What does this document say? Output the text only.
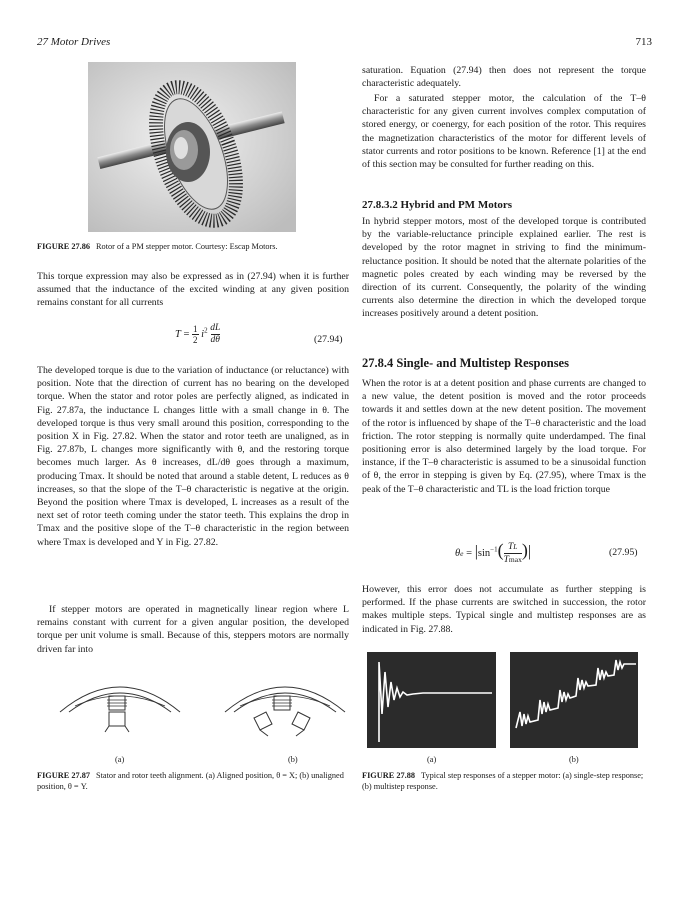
27 Motor Drives	713
FIGURE 27.86 Rotor of a PM stepper motor. Courtesy: Escap Motors.

This torque expression may also be expressed as in (27.94) when it is further assumed that the inductance of the excited winding at any given position remains constant for all currents

T = 1
2 $i^2$ dL
dθ	(27.94)

The developed torque is due to the variation of inductance (or reluctance) with position. Note that the direction of current has no bearing on the developed torque. When the stator and rotor poles are perfectly aligned, as indicated in Fig. 27.87a, the inductance L changes little with a small change in θ. The developed torque is thus very small around this position, corresponding to the position X in Fig. 27.82. When the stator and rotor teeth are unaligned, as in Fig. 27.87b, L changes more significantly with θ, and the restoring torque becomes much larger. As θ increases, dL/dθ goes through a maximum, producing Tmax. It should be noted that around a stable detent, L reduces as θ increases, so that the slope of the T–θ characteristic is negative at the origin. Beyond the position where Tmax is developed, L increases as a result of the next set of rotor teeth coming under the stator teeth. This explains the drop in Tmax and the positive slope of the T–θ characteristic in the region between where Tmax is developed and Y in Fig. 27.82.

If stepper motors are operated in magnetically linear region where L remains constant with current for a given angular position, the developed torque per unit volume is small. Because of this, steppers motors are normally driven far into

(a)	(b)
FIGURE 27.87 Stator and rotor teeth alignment. (a) Aligned position, θ = X; (b) unaligned position, θ = Y.

saturation. Equation (27.94) then does not represent the torque characteristic adequately.

For a saturated stepper motor, the calculation of the T–θ characteristic for any given current involves complex computation of stored energy, or coenergy, for each position of the rotor. This requires the magnetization characteristics of the motor for different levels of stator currents and rotor positions to be known. Reference [1] at the end of this section may be consulted for further reading on this.

27.8.3.2 Hybrid and PM Motors

In hybrid stepper motors, most of the developed torque is contributed by the variable-reluctance principle explained earlier. The rest is developed by the rotor magnet in striving to find the minimum-reluctance position. It should be noted that the alternate polarities of the magnetic poles created by each winding may be reversed by the direction of its current. Consequently, the polarity of the winding currents also determine the direction in which the developed torque increases positively around a detent position.

27.8.4 Single- and Multistep Responses

When the rotor is at a detent position and phase currents are changed to a new value, the detent position is moved and the rotor proceeds towards it and settles down at the new detent position. The movement of the rotor is influenced by shape of the T–θ characteristic and the load friction. The rotor stepping is normally quite underdamped. The final positioning error is also determined largely by the load torque. For instance, if the T–θ characteristic is assumed to be a sinusoidal function of θ, the error in stepping is given by Eq. (27.95), where Tmax is the peak of the T–θ characteristic and TL is the load friction torque

$\theta e = |\sin^{-1}$( TL
Tmax)|	(27.95)

However, this error does not accumulate as further stepping is performed. If the phase currents are switched in succession, the rotor makes multiple steps. Typical single and multistep responses are as indicated in Fig. 27.88.

(a)	(b)
FIGURE 27.88 Typical step responses of a stepper motor: (a) single-step response; (b) multistep response.
